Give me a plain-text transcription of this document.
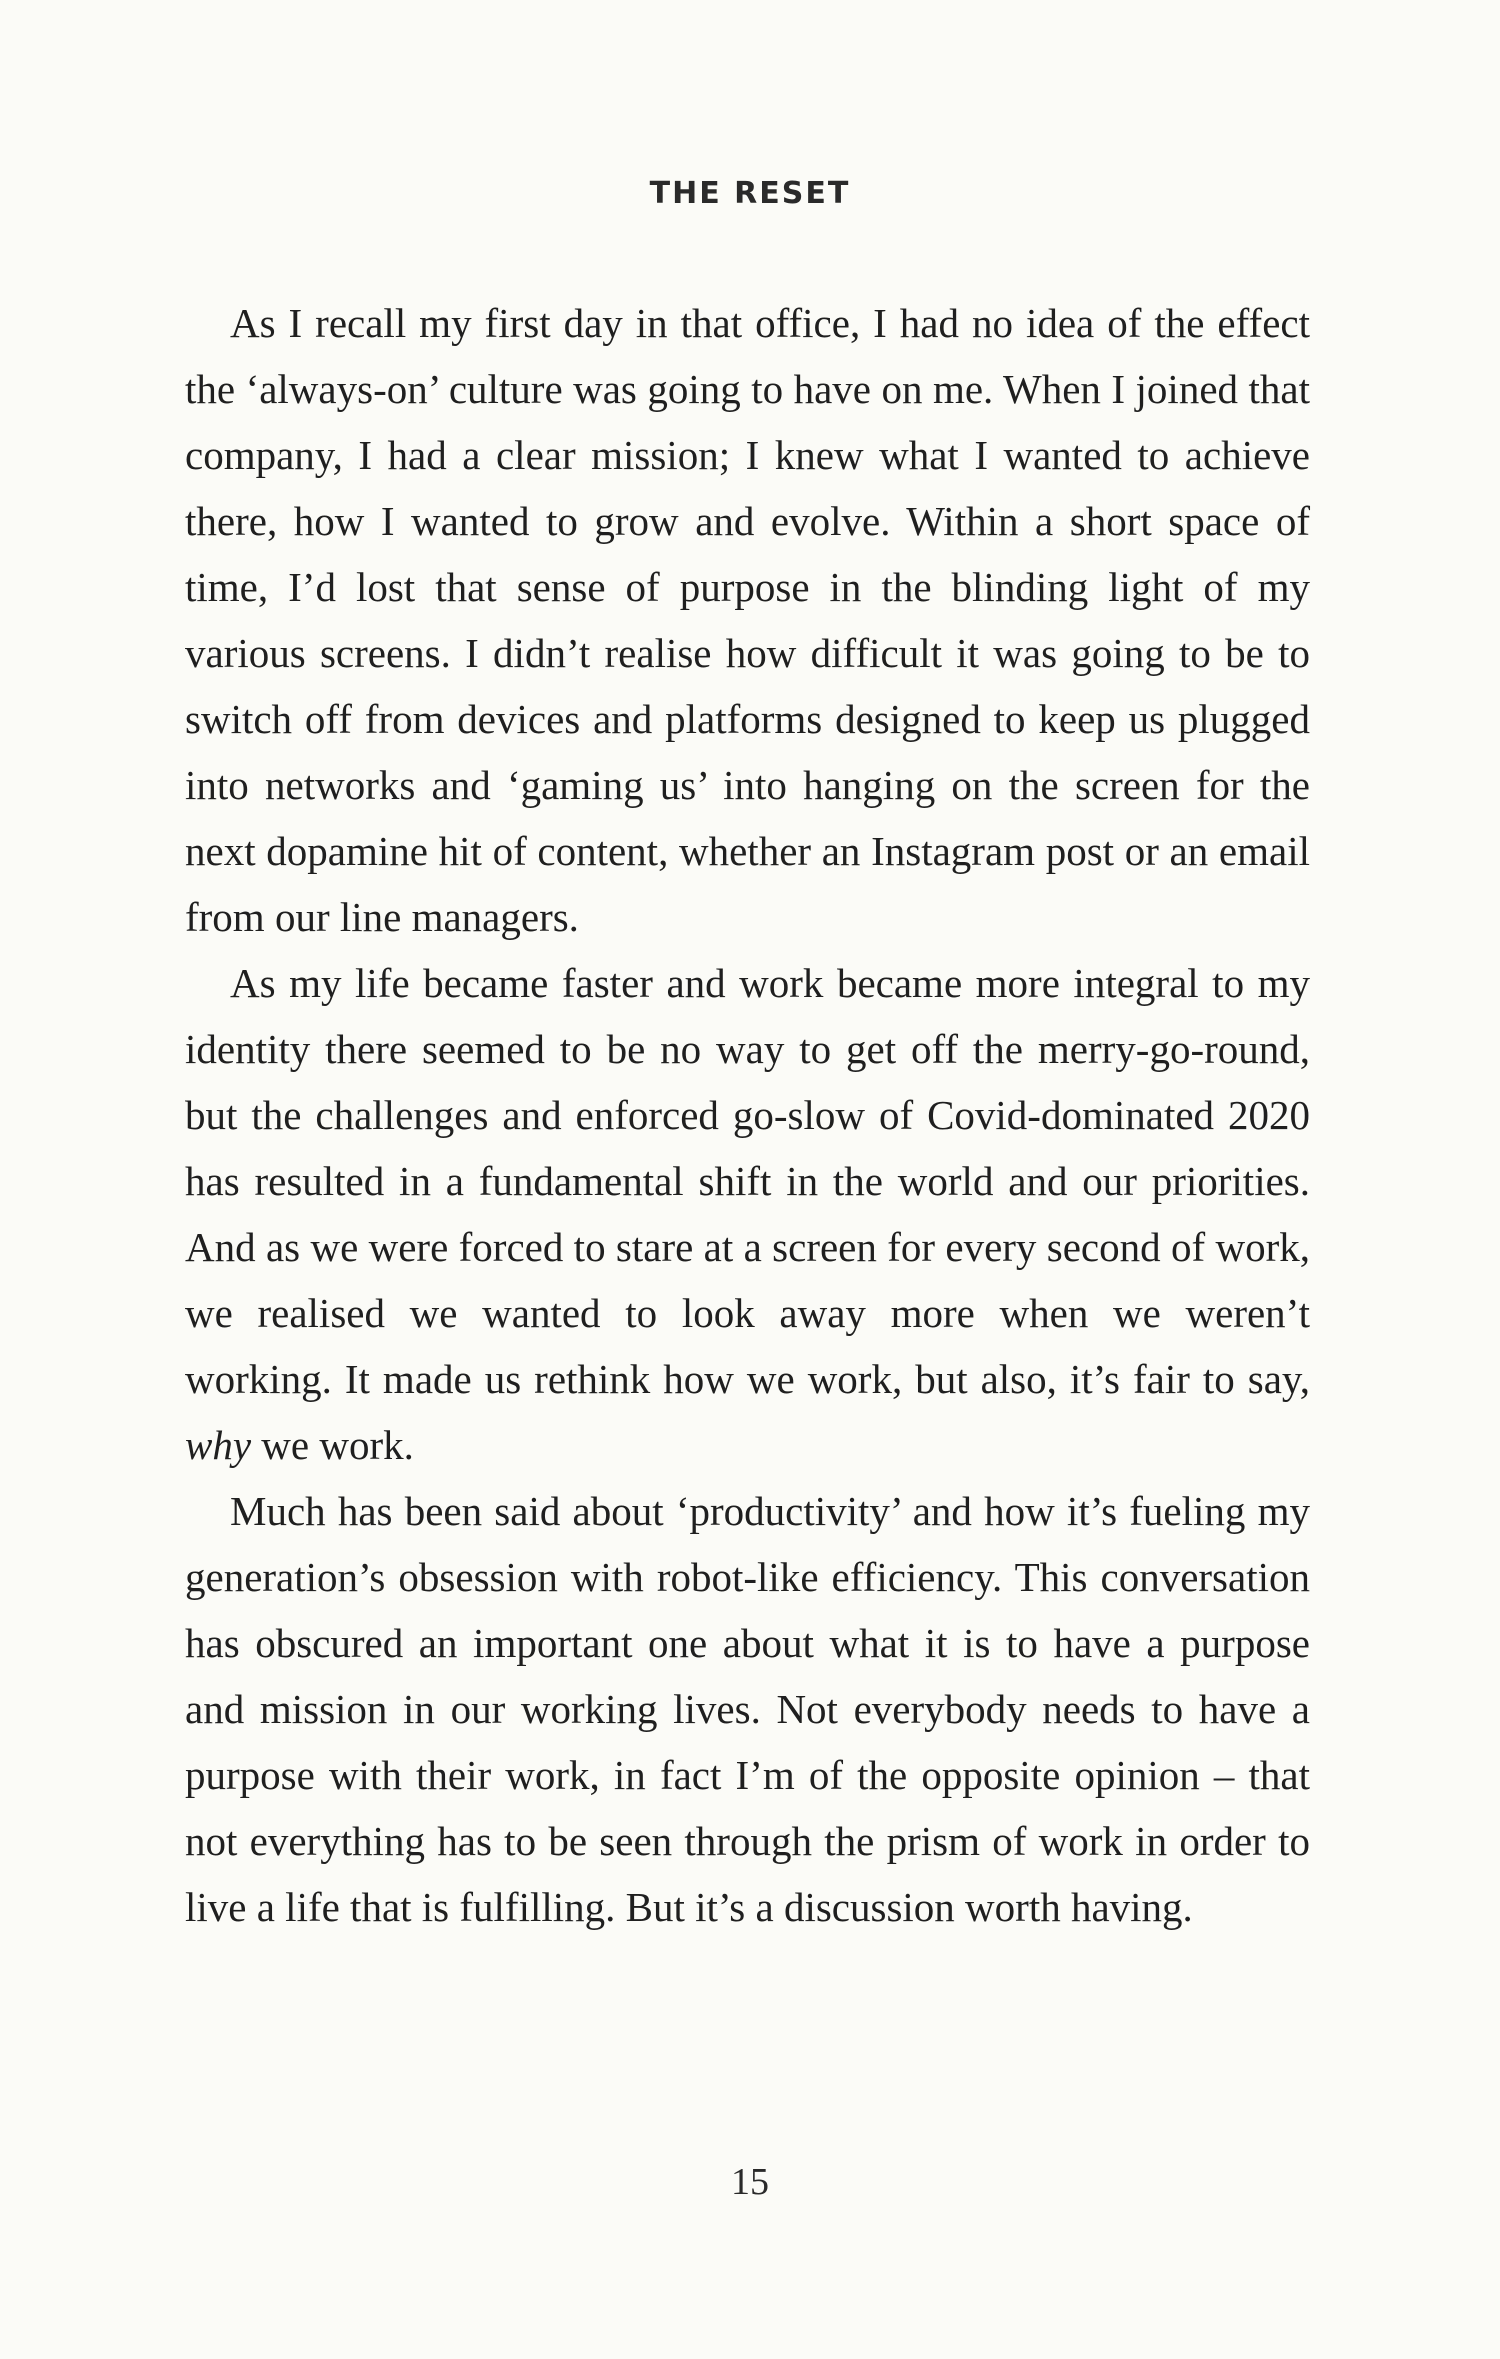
THE RESET

As I recall my first day in that office, I had no idea of the effect the ‘always-on’ culture was going to have on me. When I joined that company, I had a clear mission; I knew what I wanted to achieve there, how I wanted to grow and evolve. Within a short space of time, I’d lost that sense of purpose in the blinding light of my various screens. I didn’t realise how difficult it was going to be to switch off from devices and platforms designed to keep us plugged into networks and ‘gaming us’ into hanging on the screen for the next dopamine hit of content, whether an Instagram post or an email from our line managers.

As my life became faster and work became more integral to my identity there seemed to be no way to get off the merry-go-round, but the challenges and enforced go-slow of Covid-dominated 2020 has resulted in a fundamental shift in the world and our priorities. And as we were forced to stare at a screen for every second of work, we realised we wanted to look away more when we weren’t working. It made us rethink how we work, but also, it’s fair to say, why we work.

Much has been said about ‘productivity’ and how it’s fueling my generation’s obsession with robot-like efficiency. This conversation has obscured an important one about what it is to have a purpose and mission in our working lives. Not everybody needs to have a purpose with their work, in fact I’m of the opposite opinion – that not everything has to be seen through the prism of work in order to live a life that is fulfilling. But it’s a discussion worth having.

15
